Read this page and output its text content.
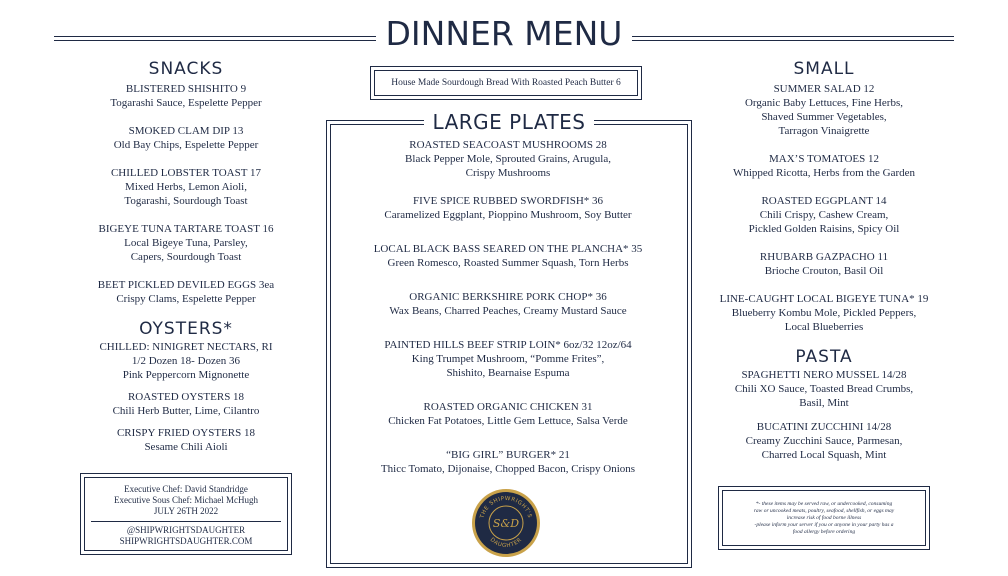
DINNER MENU
SNACKS
BLISTERED SHISHITO 9
Togarashi Sauce, Espelette Pepper
SMOKED CLAM DIP 13
Old Bay Chips, Espelette Pepper
CHILLED LOBSTER TOAST 17
Mixed Herbs, Lemon Aioli,
Togarashi, Sourdough Toast
BIGEYE TUNA TARTARE TOAST 16
Local Bigeye Tuna, Parsley,
Capers, Sourdough Toast
BEET PICKLED DEVILED EGGS 3ea
Crispy Clams, Espelette Pepper
OYSTERS*
CHILLED: NINIGRET NECTARS, RI
1/2 Dozen 18- Dozen 36
Pink Peppercorn Mignonette
ROASTED OYSTERS 18
Chili Herb Butter, Lime, Cilantro
CRISPY FRIED OYSTERS 18
Sesame Chili Aioli
Executive Chef: David Standridge
Executive Sous Chef: Michael McHugh
JULY 26TH 2022
@SHIPWRIGHTSDAUGHTER
SHIPWRIGHTSDAUGHTER.COM
House Made Sourdough Bread With Roasted Peach Butter 6
LARGE PLATES
ROASTED SEACOAST MUSHROOMS 28
Black Pepper Mole, Sprouted Grains, Arugula,
Crispy Mushrooms
FIVE SPICE RUBBED SWORDFISH* 36
Caramelized Eggplant, Pioppino Mushroom, Soy Butter
LOCAL BLACK BASS SEARED ON THE PLANCHA* 35
Green Romesco, Roasted Summer Squash, Torn Herbs
ORGANIC BERKSHIRE PORK CHOP* 36
Wax Beans, Charred Peaches, Creamy Mustard Sauce
PAINTED HILLS BEEF STRIP LOIN* 6oz/32 12oz/64
King Trumpet Mushroom, “Pomme Frites”,
Shishito, Bearnaise Espuma
ROASTED ORGANIC CHICKEN 31
Chicken Fat Potatoes, Little Gem Lettuce, Salsa Verde
“BIG GIRL” BURGER* 21
Thicc Tomato, Dijonaise, Chopped Bacon, Crispy Onions
THE SHIPWRIGHT'S
DAUGHTER
S&D
SMALL
SUMMER SALAD 12
Organic Baby Lettuces, Fine Herbs,
Shaved Summer Vegetables,
Tarragon Vinaigrette
MAX’S TOMATOES 12
Whipped Ricotta, Herbs from the Garden
ROASTED EGGPLANT 14
Chili Crispy, Cashew Cream,
Pickled Golden Raisins, Spicy Oil
RHUBARB GAZPACHO 11
Brioche Crouton, Basil Oil
LINE-CAUGHT LOCAL BIGEYE TUNA* 19
Blueberry Kombu Mole, Pickled Peppers,
Local Blueberries
PASTA
SPAGHETTI NERO MUSSEL 14/28
Chili XO Sauce, Toasted Bread Crumbs,
Basil, Mint
BUCATINI ZUCCHINI 14/28
Creamy Zucchini Sauce, Parmesan,
Charred Local Squash, Mint
*- these items may be served raw, or undercooked, consuming
raw or uncooked meats, poultry, seafood, shellfish, or eggs may
increase risk of food borne illness
-please inform your server if you or anyone in your party has a
food allergy before ordering
